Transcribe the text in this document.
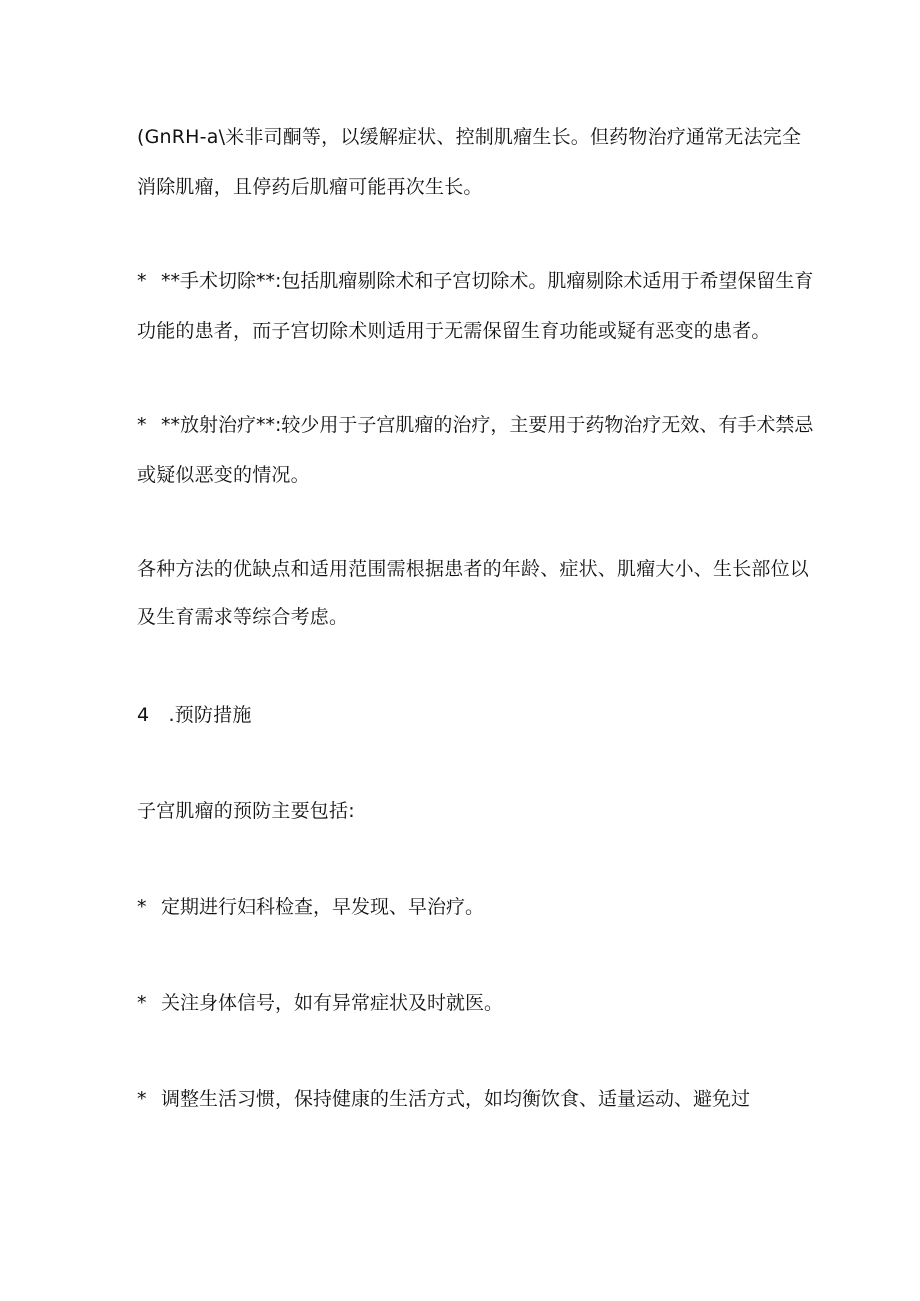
(GnRH-a\米非司酮等，以缓解症状、控制肌瘤生长。但药物治疗通常无法完全
消除肌瘤，且停药后肌瘤可能再次生长。
* **手术切除**:包括肌瘤剔除术和子宫切除术。肌瘤剔除术适用于希望保留生育
功能的患者，而子宫切除术则适用于无需保留生育功能或疑有恶变的患者。
* **放射治疗**:较少用于子宫肌瘤的治疗，主要用于药物治疗无效、有手术禁忌
或疑似恶变的情况。
各种方法的优缺点和适用范围需根据患者的年龄、症状、肌瘤大小、生长部位以
及生育需求等综合考虑。
4　.预防措施
子宫肌瘤的预防主要包括:
* 定期进行妇科检查，早发现、早治疗。
* 关注身体信号，如有异常症状及时就医。
* 调整生活习惯，保持健康的生活方式，如均衡饮食、适量运动、避免过
